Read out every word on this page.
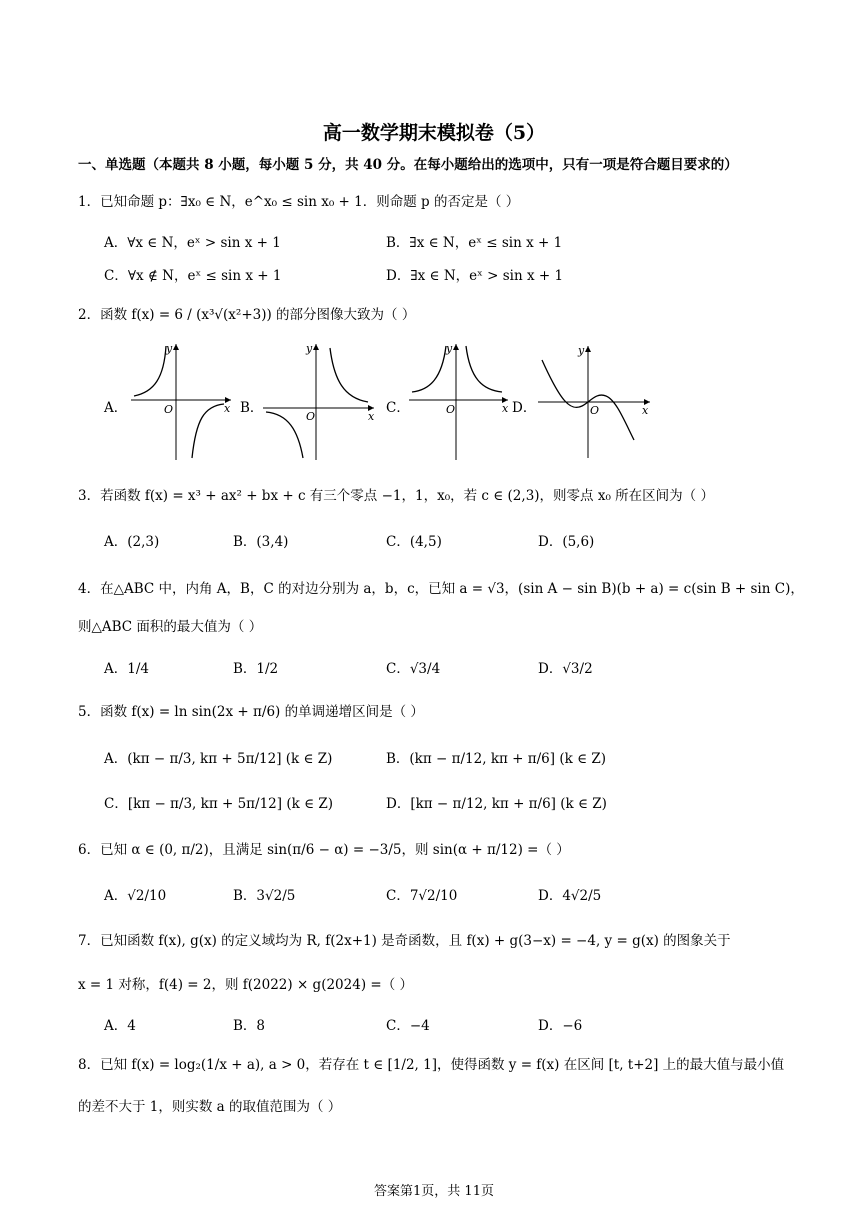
高一数学期末模拟卷（5）
一、单选题（本题共 8 小题，每小题 5 分，共 40 分。在每小题给出的选项中，只有一项是符合题目要求的）
1．已知命题 p：∃x₀ ∈ N，e^x₀ ≤ sin x₀ + 1．则命题 p 的否定是（ ）
A．∀x ∈ N，eˣ > sin x + 1	B．∃x ∈ N，eˣ ≤ sin x + 1
C．∀x ∉ N，eˣ ≤ sin x + 1	D．∃x ∈ N，eˣ > sin x + 1
2．函数 f(x) = 6 / (x³√(x²+3)) 的部分图像大致为（ ）
A．	B．	C．	D．
O	x
y
O	x
y
O	x
y
O	x
y
3．若函数 f(x) = x³ + ax² + bx + c 有三个零点 −1，1，x₀，若 c ∈ (2,3)，则零点 x₀ 所在区间为（ ）
A．(2,3)	B．(3,4)	C．(4,5)	D．(5,6)
4．在△ABC 中，内角 A，B，C 的对边分别为 a，b，c，已知 a = √3，(sin A − sin B)(b + a) = c(sin B + sin C)，
则△ABC 面积的最大值为（ ）
A．1/4	B．1/2	C．√3/4	D．√3/2
5．函数 f(x) = ln sin(2x + π/6) 的单调递增区间是（ ）
A．(kπ − π/3, kπ + 5π/12] (k ∈ Z)	B．(kπ − π/12, kπ + π/6] (k ∈ Z)
C．[kπ − π/3, kπ + 5π/12] (k ∈ Z)	D．[kπ − π/12, kπ + π/6] (k ∈ Z)
6．已知 α ∈ (0, π/2)，且满足 sin(π/6 − α) = −3/5，则 sin(α + π/12) =（ ）
A．√2/10	B．3√2/5	C．7√2/10	D．4√2/5
7．已知函数 f(x), g(x) 的定义域均为 R, f(2x+1) 是奇函数，且 f(x) + g(3−x) = −4, y = g(x) 的图象关于
x = 1 对称，f(4) = 2，则 f(2022) × g(2024) =（ ）
A．4	B．8	C．−4	D．−6
8．已知 f(x) = log₂(1/x + a), a > 0，若存在 t ∈ [1/2, 1]，使得函数 y = f(x) 在区间 [t, t+2] 上的最大值与最小值
的差不大于 1，则实数 a 的取值范围为（ ）
答案第1页，共 11页
